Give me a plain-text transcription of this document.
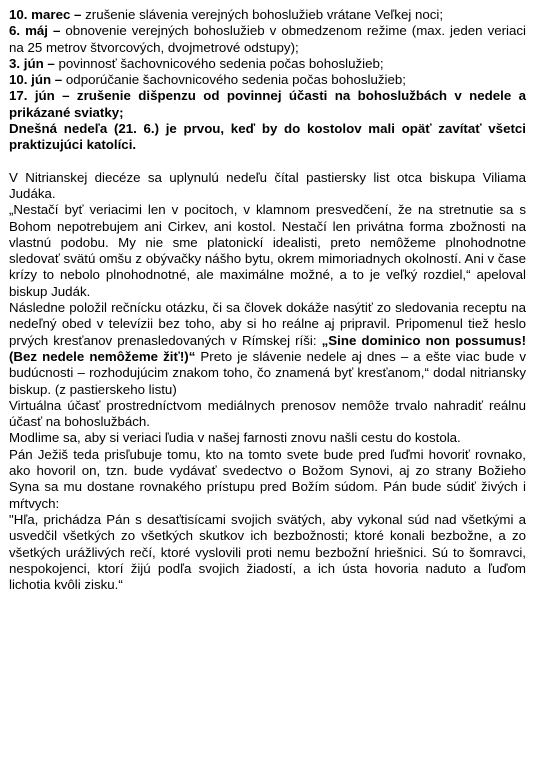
10. marec – zrušenie slávenia verejných bohoslužieb vrátane Veľkej noci;

6. máj – obnovenie verejných bohoslužieb v obmedzenom režime (max. jeden veriaci na 25 metrov štvorcových, dvojmetrové odstupy);

3. jún – povinnosť šachovnicového sedenia počas bohoslužieb;

10. jún – odporúčanie šachovnicového sedenia počas bohoslužieb;

17. jún – zrušenie dišpenzu od povinnej účasti na bohoslužbách v nedele a prikázané sviatky;

Dnešná nedeľa (21. 6.) je prvou, keď by do kostolov mali opäť zavítať všetci praktizujúci katolíci.

V Nitrianskej diecéze sa uplynulú nedeľu čítal pastiersky list otca biskupa Viliama Judáka.

„Nestačí byť veriacimi len v pocitoch, v klamnom presvedčení, že na stretnutie sa s Bohom nepotrebujem ani Cirkev, ani kostol. Nestačí len privátna forma zbožnosti na vlastnú podobu. My nie sme platonickí idealisti, preto nemôžeme plnohodnotne sledovať svätú omšu z obývačky nášho bytu, okrem mimoriadnych okolností. Ani v čase krízy to nebolo plnohodnotné, ale maximálne možné, a to je veľký rozdiel,“ apeloval biskup Judák.

Následne položil rečnícku otázku, či sa človek dokáže nasýtiť zo sledovania receptu na nedeľný obed v televízii bez toho, aby si ho reálne aj pripravil. Pripomenul tiež heslo prvých kresťanov prenasledovaných v Rímskej ríši: „Sine dominico non possumus! (Bez nedele nemôžeme žiť!)“ Preto je slávenie nedele aj dnes – a ešte viac bude v budúcnosti – rozhodujúcim znakom toho, čo znamená byť kresťanom,“ dodal nitriansky biskup. (z pastierskeho listu)

Virtuálna účasť prostredníctvom mediálnych prenosov nemôže trvalo nahradiť reálnu účasť na bohoslužbách.

Modlime sa, aby si veriaci ľudia v našej farnosti znovu našli cestu do kostola.

Pán Ježiš teda prisľubuje tomu, kto na tomto svete bude pred ľuďmi hovoriť rovnako, ako hovoril on, tzn. bude vydávať svedectvo o Božom Synovi, aj zo strany Božieho Syna sa mu dostane rovnakého prístupu pred Božím súdom. Pán bude súdiť živých i mŕtvych:

"Hľa, prichádza Pán s desaťtisícami svojich svätých, aby vykonal súd nad všetkými a usvedčil všetkých zo všetkých skutkov ich bezbožnosti; ktoré konali bezbožne, a zo všetkých urážlivých rečí, ktoré vyslovili proti nemu bezbožní hriešnici. Sú to šomravci, nespokojenci, ktorí žijú podľa svojich žiadostí, a ich ústa hovoria naduto a ľuďom lichotia kvôli zisku.“
